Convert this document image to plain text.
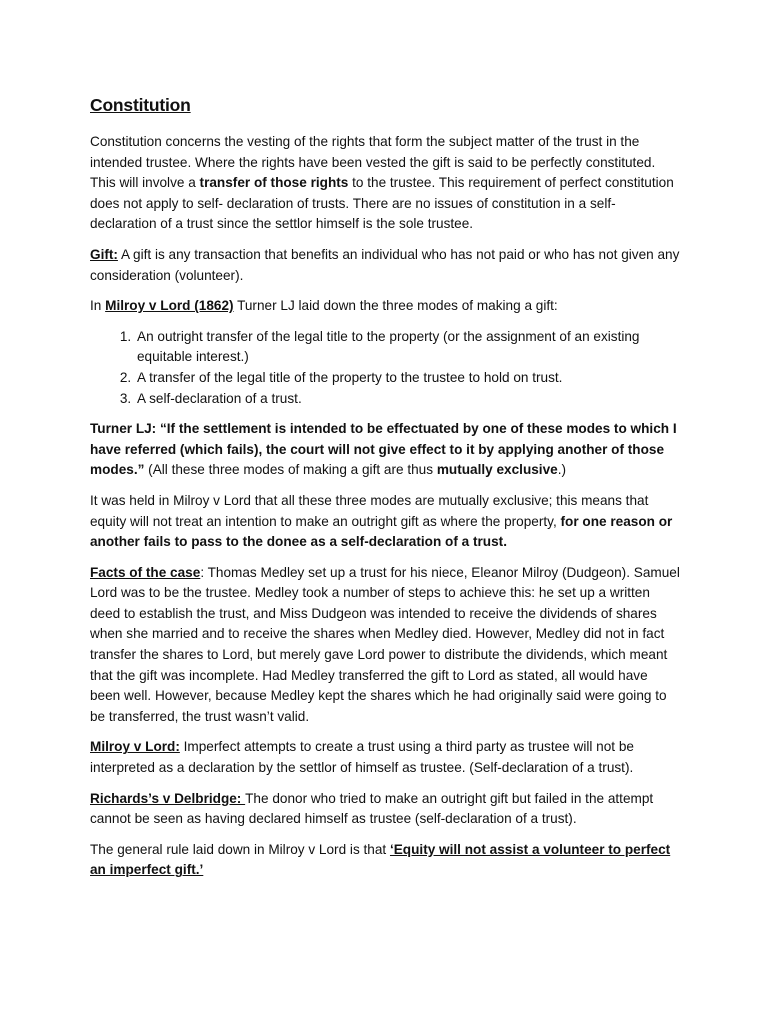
Constitution

Constitution concerns the vesting of the rights that form the subject matter of the trust in the intended trustee. Where the rights have been vested the gift is said to be perfectly constituted. This will involve a transfer of those rights to the trustee. This requirement of perfect constitution does not apply to self- declaration of trusts. There are no issues of constitution in a self-declaration of a trust since the settlor himself is the sole trustee.

Gift: A gift is any transaction that benefits an individual who has not paid or who has not given any consideration (volunteer).

In Milroy v Lord (1862) Turner LJ laid down the three modes of making a gift:

1. An outright transfer of the legal title to the property (or the assignment of an existing equitable interest.)
2. A transfer of the legal title of the property to the trustee to hold on trust.
3. A self-declaration of a trust.

Turner LJ: “If the settlement is intended to be effectuated by one of these modes to which I have referred (which fails), the court will not give effect to it by applying another of those modes.” (All these three modes of making a gift are thus mutually exclusive.)

It was held in Milroy v Lord that all these three modes are mutually exclusive; this means that equity will not treat an intention to make an outright gift as where the property, for one reason or another fails to pass to the donee as a self-declaration of a trust.

Facts of the case: Thomas Medley set up a trust for his niece, Eleanor Milroy (Dudgeon). Samuel Lord was to be the trustee. Medley took a number of steps to achieve this: he set up a written deed to establish the trust, and Miss Dudgeon was intended to receive the dividends of shares when she married and to receive the shares when Medley died. However, Medley did not in fact transfer the shares to Lord, but merely gave Lord power to distribute the dividends, which meant that the gift was incomplete. Had Medley transferred the gift to Lord as stated, all would have been well. However, because Medley kept the shares which he had originally said were going to be transferred, the trust wasn’t valid.

Milroy v Lord: Imperfect attempts to create a trust using a third party as trustee will not be interpreted as a declaration by the settlor of himself as trustee. (Self-declaration of a trust).

Richards’s v Delbridge: The donor who tried to make an outright gift but failed in the attempt cannot be seen as having declared himself as trustee (self-declaration of a trust).

The general rule laid down in Milroy v Lord is that ‘Equity will not assist a volunteer to perfect an imperfect gift.’
